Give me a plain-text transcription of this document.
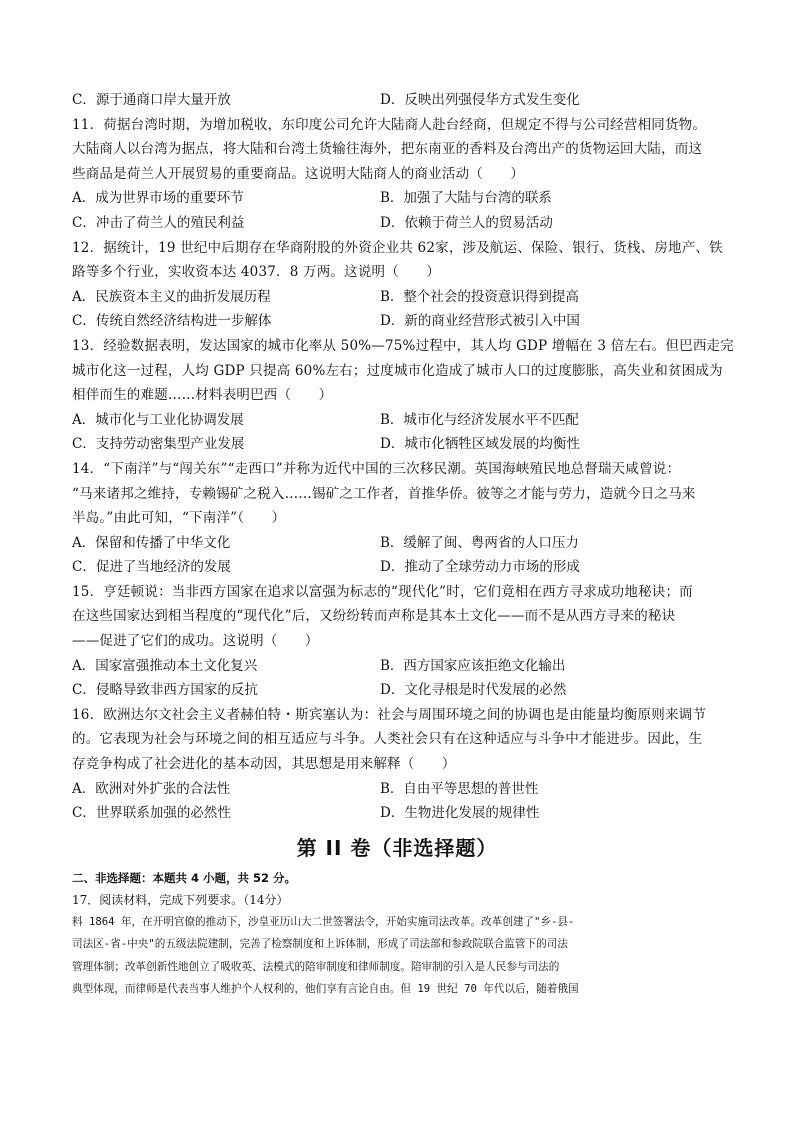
C．源于通商口岸大量开放	D．反映出列强侵华方式发生变化
11．荷据台湾时期，为增加税收，东印度公司允许大陆商人赴台经商，但规定不得与公司经营相同货物。
大陆商人以台湾为据点，将大陆和台湾土货输往海外，把东南亚的香料及台湾出产的货物运回大陆，而这
些商品是荷兰人开展贸易的重要商品。这说明大陆商人的商业活动（　　）
A．成为世界市场的重要环节	B．加强了大陆与台湾的联系
C．冲击了荷兰人的殖民利益	D．依赖于荷兰人的贸易活动
12．据统计，19 世纪中后期存在华商附股的外资企业共 62家，涉及航运、保险、银行、货栈、房地产、铁
路等多个行业，实收资本达 4037．8 万两。这说明（　　）
A．民族资本主义的曲折发展历程	B．整个社会的投资意识得到提高
C．传统自然经济结构进一步解体	D．新的商业经营形式被引入中国
13．经验数据表明，发达国家的城市化率从 50%—75%过程中，其人均 GDP 增幅在 3 倍左右。但巴西走完
城市化这一过程，人均 GDP 只提高 60%左右；过度城市化造成了城市人口的过度膨胀，高失业和贫困成为
相伴而生的难题……材料表明巴西（　　）
A．城市化与工业化协调发展	B．城市化与经济发展水平不匹配
C．支持劳动密集型产业发展	D．城市化牺牲区域发展的均衡性
14．“下南洋”与“闯关东”“走西口”并称为近代中国的三次移民潮。英国海峡殖民地总督瑞天咸曾说：
“马来诸邦之维持，专赖锡矿之税入……锡矿之工作者，首推华侨。彼等之才能与劳力，造就今日之马来
半岛。”由此可知，“下南洋”（　　）
A．保留和传播了中华文化	B．缓解了闽、粤两省的人口压力
C．促进了当地经济的发展	D．推动了全球劳动力市场的形成
15．亨廷顿说：当非西方国家在追求以富强为标志的“现代化”时，它们竟相在西方寻求成功地秘诀；而
在这些国家达到相当程度的“现代化”后，又纷纷转而声称是其本土文化——而不是从西方寻来的秘诀
——促进了它们的成功。这说明（　　）
A．国家富强推动本土文化复兴	B．西方国家应该拒绝文化输出
C．侵略导致非西方国家的反抗	D．文化寻根是时代发展的必然
16．欧洲达尔文社会主义者赫伯特・斯宾塞认为：社会与周围环境之间的协调也是由能量均衡原则来调节
的。它表现为社会与环境之间的相互适应与斗争。人类社会只有在这种适应与斗争中才能进步。因此，生
存竞争构成了社会进化的基本动因，其思想是用来解释（　　）
A．欧洲对外扩张的合法性	B．自由平等思想的普世性
C．世界联系加强的必然性	D．生物进化发展的规律性
第 II 卷（非选择题）
二、非选择题：本题共 4 小题，共 52 分。
17．阅读材料，完成下列要求。（14分）
料 1864 年，在开明官僚的推动下，沙皇亚历山大二世签署法令，开始实施司法改革。改革创建了"乡-县-
司法区-省-中央"的五级法院建制，完善了检察制度和上诉体制，形成了司法部和参政院联合监管下的司法
管理体制；改革创新性地创立了吸收英、法模式的陪审制度和律师制度。陪审制的引入是人民参与司法的
典型体现，而律师是代表当事人维护个人权利的，他们享有言论自由。但 19 世纪 70 年代以后，随着俄国
